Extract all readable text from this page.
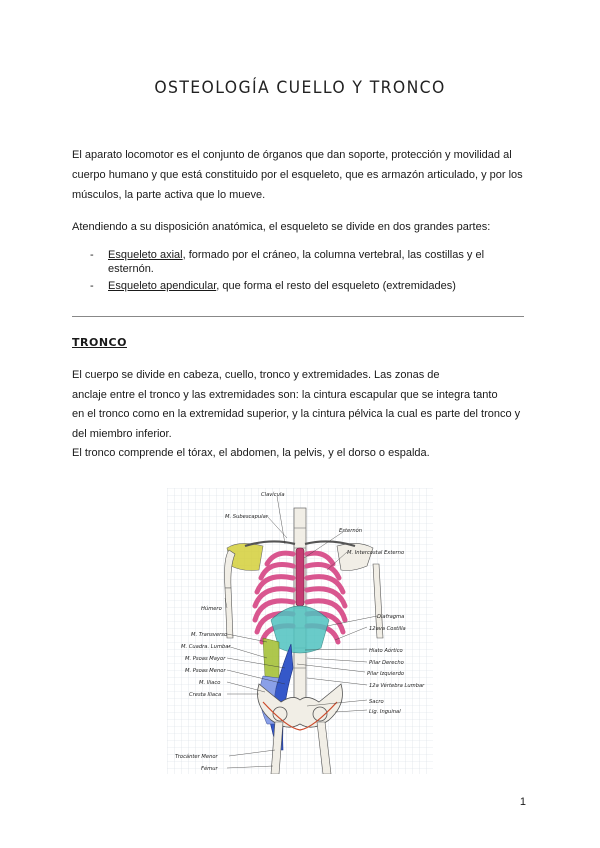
OSTEOLOGÍA CUELLO Y TRONCO

El aparato locomotor es el conjunto de órganos que dan soporte, protección y movilidad al cuerpo humano y que está constituido por el esqueleto, que es armazón articulado, y por los músculos, la parte activa que lo mueve.

Atendiendo a su disposición anatómica, el esqueleto se divide en dos grandes partes:

- Esqueleto axial, formado por el cráneo, la columna vertebral, las costillas y el esternón.
- Esqueleto apendicular, que forma el resto del esqueleto (extremidades)
TRONCO
El cuerpo se divide en cabeza, cuello, tronco y extremidades. Las zonas de
anclaje entre el tronco y las extremidades son: la cintura escapular que se integra tanto
en el tronco como en la extremidad superior, y la cintura pélvica la cual es parte del tronco y
del miembro inferior.
El tronco comprende el tórax, el abdomen, la pelvis, y el dorso o espalda.
Clavícula
M. Subescapular
Esternón
M. Intercostal Externo
Húmero
Diafragma
12ava Costilla
Hiato Aórtico
Pilar Derecho
Pilar Izquierdo
12a Vértebra Lumbar
Sacro
Lig. Inguinal
M. Transverso
M. Cuadra. Lumbar
M. Psoas Mayor
M. Psoas Menor
M. Iliaco
Cresta Iliaca
Trocánter Menor
Fémur
1
